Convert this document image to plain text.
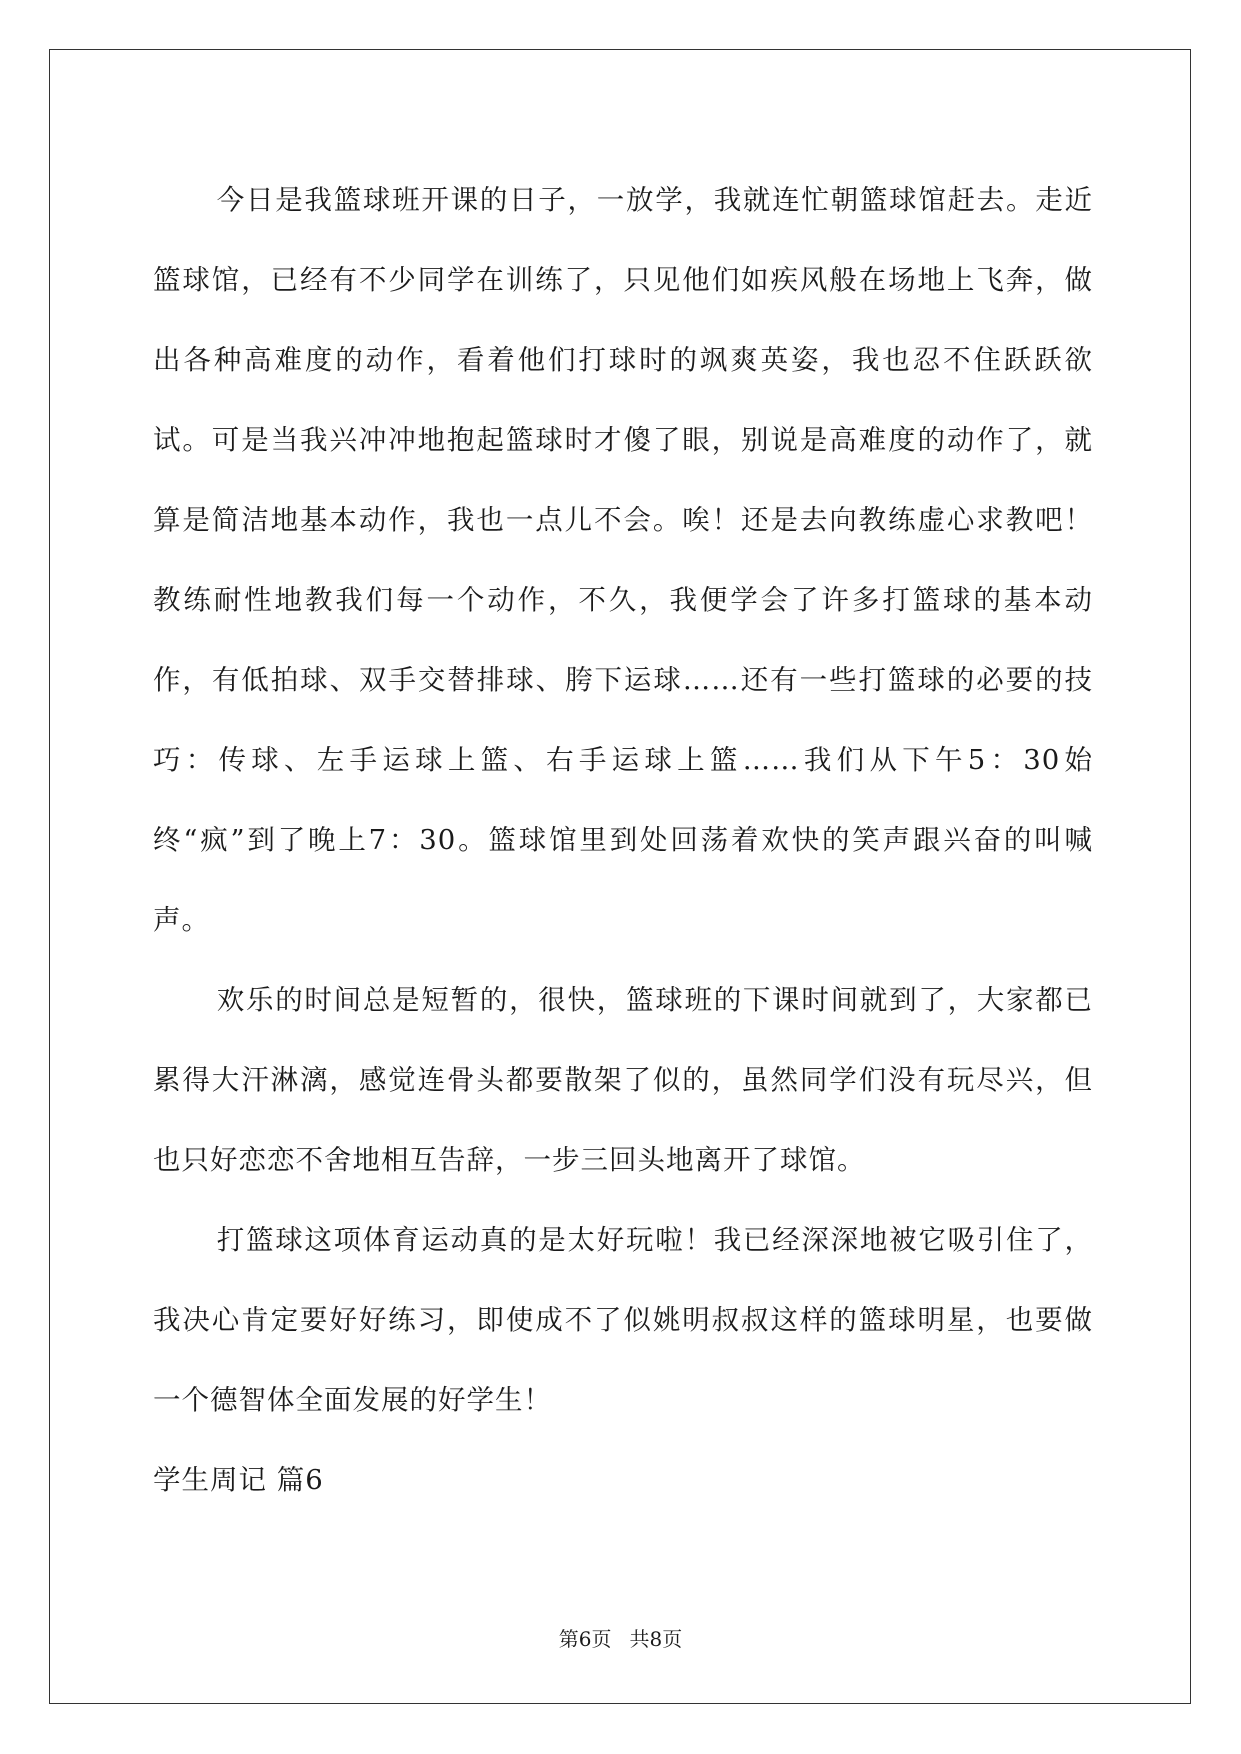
今日是我篮球班开课的日子，一放学，我就连忙朝篮球馆赶去。走近篮球馆，已经有不少同学在训练了，只见他们如疾风般在场地上飞奔，做出各种高难度的动作，看着他们打球时的飒爽英姿，我也忍不住跃跃欲试。可是当我兴冲冲地抱起篮球时才傻了眼，别说是高难度的动作了，就算是简洁地基本动作，我也一点儿不会。唉！还是去向教练虚心求教吧！教练耐性地教我们每一个动作，不久，我便学会了许多打篮球的基本动作，有低拍球、双手交替排球、胯下运球……还有一些打篮球的必要的技巧：传球、左手运球上篮、右手运球上篮……我们从下午5：30始终“疯”到了晚上7：30。篮球馆里到处回荡着欢快的笑声跟兴奋的叫喊声。

欢乐的时间总是短暂的，很快，篮球班的下课时间就到了，大家都已累得大汗淋漓，感觉连骨头都要散架了似的，虽然同学们没有玩尽兴，但也只好恋恋不舍地相互告辞，一步三回头地离开了球馆。

打篮球这项体育运动真的是太好玩啦！我已经深深地被它吸引住了，我决心肯定要好好练习，即使成不了似姚明叔叔这样的篮球明星，也要做一个德智体全面发展的好学生！

学生周记 篇6

第6页 共8页
